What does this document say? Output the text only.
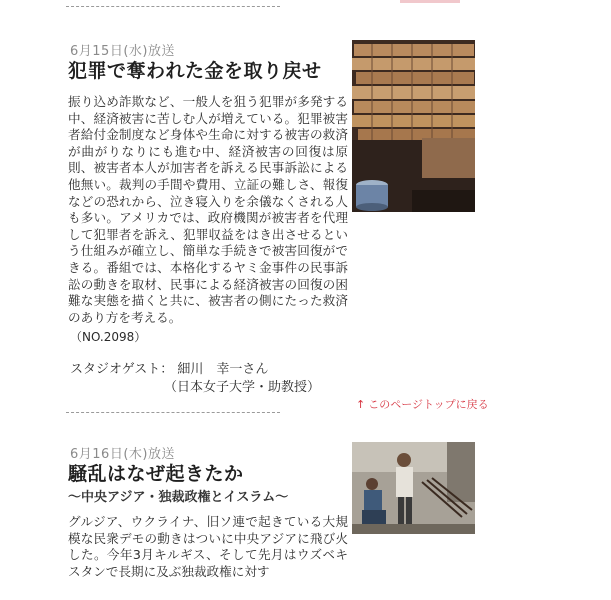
6月15日(水)放送
犯罪で奪われた金を取り戻せ
振り込め詐欺など、一般人を狙う犯罪が多発する中、経済被害に苦しむ人が増えている。犯罪被害者給付金制度など身体や生命に対する被害の救済が曲がりなりにも進む中、経済被害の回復は原則、被害者本人が加害者を訴える民事訴訟による他無い。裁判の手間や費用、立証の難しさ、報復などの恐れから、泣き寝入りを余儀なくされる人も多い。アメリカでは、政府機関が被害者を代理して犯罪者を訴え、犯罪収益をはき出させるという仕組みが確立し、簡単な手続きで被害回復ができる。番組では、本格化するヤミ金事件の民事訴訟の動きを取材、民事による経済被害の回復の困難な実態を描くと共に、被害者の側にたった救済のあり方を考える。
（NO.2098）
スタジオゲスト： 細川　幸一さん
（日本女子大学・助教授）
↑ このページトップに戻る
6月16日(木)放送
騒乱はなぜ起きたか
～中央アジア・独裁政権とイスラム～
グルジア、ウクライナ、旧ソ連で起きている大規模な民衆デモの動きはついに中央アジアに飛び火した。今年3月キルギス、そして先月はウズベキスタンで長期に及ぶ独裁政権に対す
